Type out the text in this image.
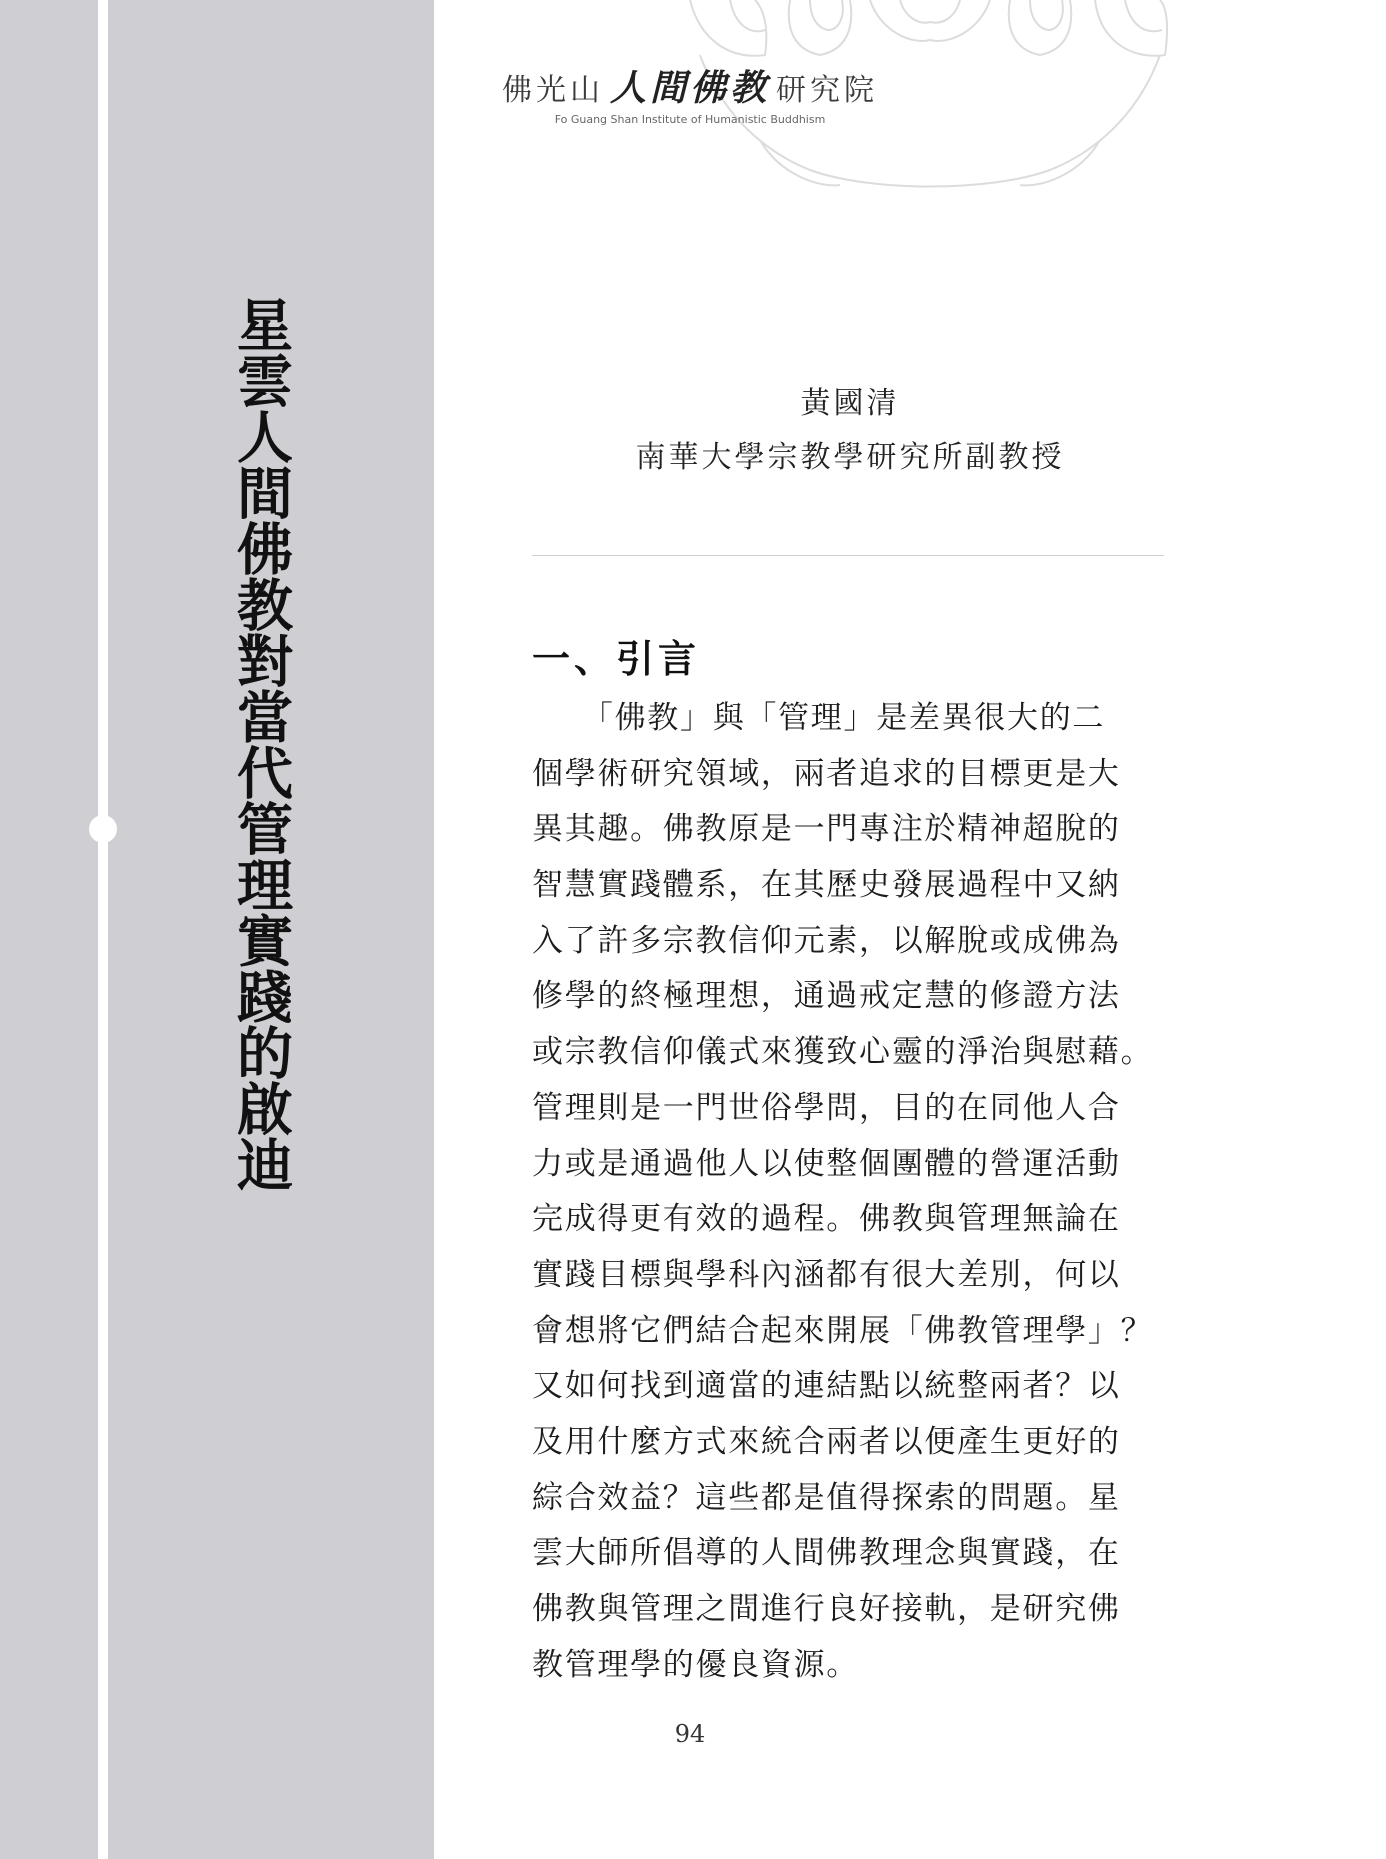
星雲人間佛教對當代管理實踐的啟迪
佛光山 人間佛教 研究院
Fo Guang Shan Institute of Humanistic Buddhism
黃國清
南華大學宗教學研究所副教授
一、引言
　　「佛教」與「管理」是差異很大的二
個學術研究領域，兩者追求的目標更是大
異其趣。佛教原是一門專注於精神超脫的
智慧實踐體系，在其歷史發展過程中又納
入了許多宗教信仰元素，以解脫或成佛為
修學的終極理想，通過戒定慧的修證方法
或宗教信仰儀式來獲致心靈的淨治與慰藉。
管理則是一門世俗學問，目的在同他人合
力或是通過他人以使整個團體的營運活動
完成得更有效的過程。佛教與管理無論在
實踐目標與學科內涵都有很大差別，何以
會想將它們結合起來開展「佛教管理學」？
又如何找到適當的連結點以統整兩者？以
及用什麼方式來統合兩者以便產生更好的
綜合效益？這些都是值得探索的問題。星
雲大師所倡導的人間佛教理念與實踐，在
佛教與管理之間進行良好接軌，是研究佛
教管理學的優良資源。
94
